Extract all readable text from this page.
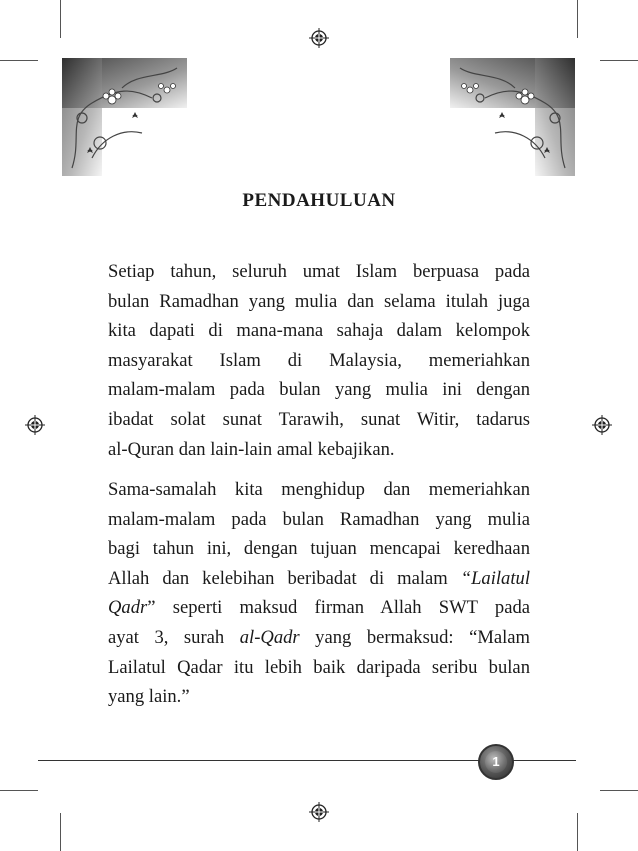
PENDAHULUAN
Setiap tahun, seluruh umat Islam berpuasa pada
bulan Ramadhan yang mulia dan selama itulah juga
kita dapati di mana-mana sahaja dalam kelompok
masyarakat Islam di Malaysia, memeriahkan
malam-malam pada bulan yang mulia ini dengan
ibadat solat sunat Tarawih, sunat Witir, tadarus
al-Quran dan lain-lain amal kebajikan.
Sama-samalah kita menghidup dan memeriahkan
malam-malam pada bulan Ramadhan yang mulia
bagi tahun ini, dengan tujuan mencapai keredhaan
Allah dan kelebihan beribadat di malam “Lailatul
Qadr” seperti maksud firman Allah SWT pada
ayat 3, surah al-Qadr yang bermaksud: “Malam
Lailatul Qadar itu lebih baik daripada seribu bulan
yang lain.”
1
